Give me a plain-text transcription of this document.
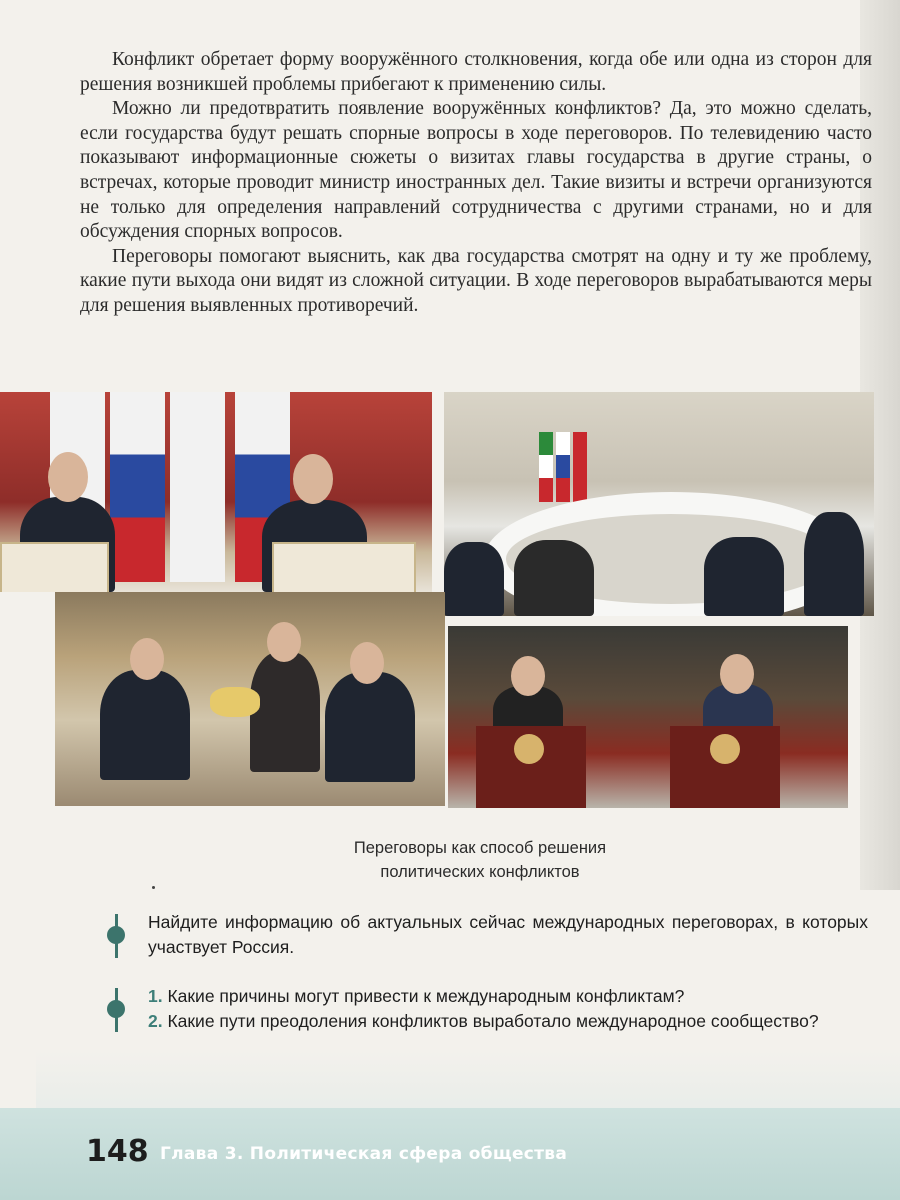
Конфликт обретает форму вооружённого столкновения, когда обе или одна из сторон для решения возникшей проблемы прибегают к применению силы.

Можно ли предотвратить появление вооружённых конфликтов? Да, это можно сделать, если государства будут решать спорные вопросы в ходе переговоров. По телевидению часто показывают информационные сюжеты о визитах главы государства в другие страны, о встречах, которые проводит министр иностранных дел. Такие визиты и встречи организуются не только для определения направлений сотрудничества с другими странами, но и для обсуждения спорных вопросов.

Переговоры помогают выяснить, как два государства смотрят на одну и ту же проблему, какие пути выхода они видят из сложной ситуации. В ходе переговоров вырабатываются меры для решения выявленных противоречий.

Переговоры как способ решения
политических конфликтов
Найдите информацию об актуальных сейчас международных переговорах, в которых участвует Россия.
1. Какие причины могут привести к международным конфликтам?
2. Какие пути преодоления конфликтов выработало международное сообщество?
148 Глава 3. Политическая сфера общества
